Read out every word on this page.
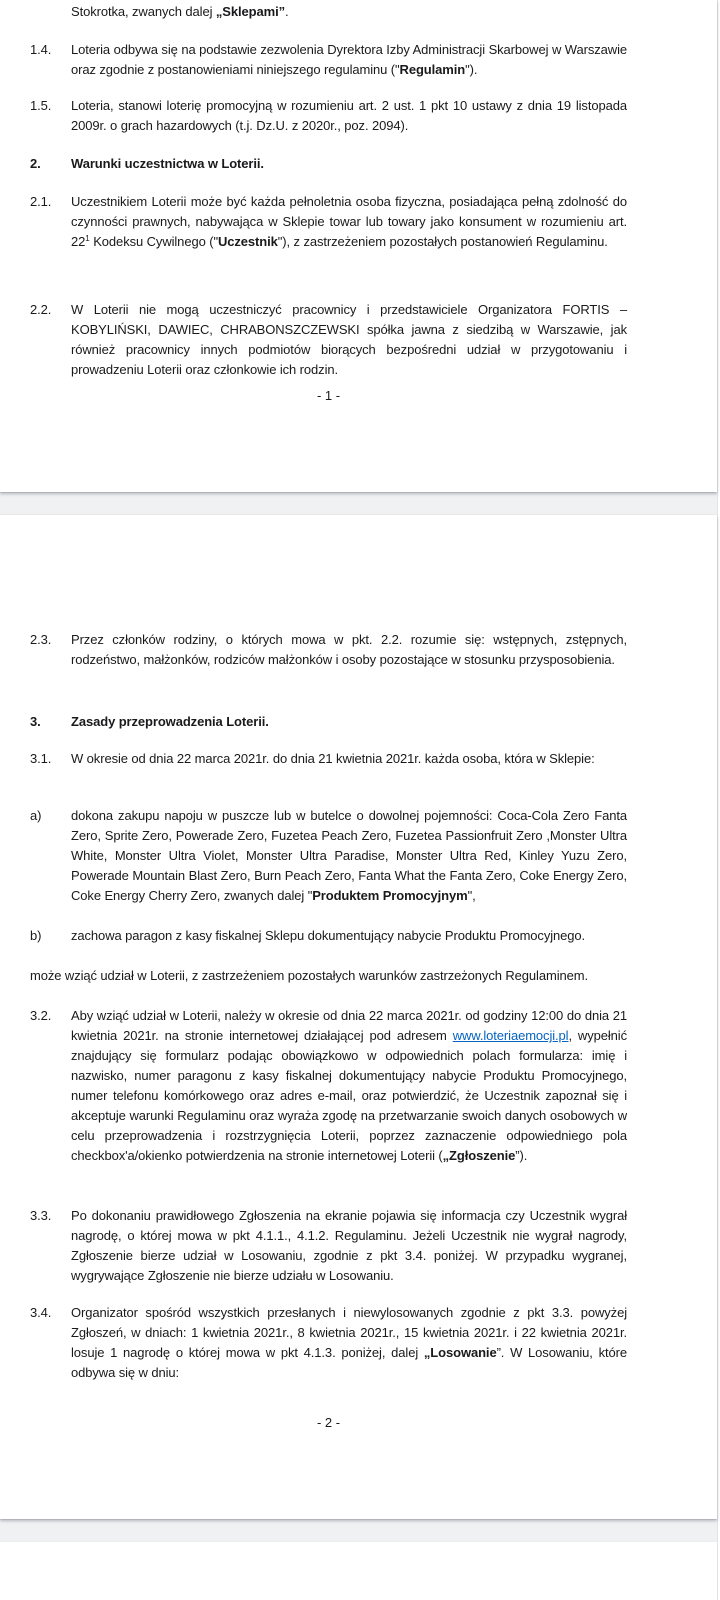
- 1 -
Stokrotka, zwanych dalej „Sklepami”.
1.4. Loteria odbywa się na podstawie zezwolenia Dyrektora Izby Administracji Skarbowej w Warszawie oraz zgodnie z postanowieniami niniejszego regulaminu ("Regulamin").
1.5. Loteria, stanowi loterię promocyjną w rozumieniu art. 2 ust. 1 pkt 10 ustawy z dnia 19 listopada 2009r. o grach hazardowych (t.j. Dz.U. z 2020r., poz. 2094).
2. Warunki uczestnictwa w Loterii.
2.1. Uczestnikiem Loterii może być każda pełnoletnia osoba fizyczna, posiadająca pełną zdolność do czynności prawnych, nabywająca w Sklepie towar lub towary jako konsument w rozumieniu art. $22^1$ Kodeksu Cywilnego ("Uczestnik"), z zastrzeżeniem pozostałych postanowień Regulaminu.
2.2. W Loterii nie mogą uczestniczyć pracownicy i przedstawiciele Organizatora FORTIS – KOBYLIŃSKI, DAWIEC, CHRABONSZCZEWSKI spółka jawna z siedzibą w Warszawie, jak również pracownicy innych podmiotów biorących bezpośredni udział w przygotowaniu i prowadzeniu Loterii oraz członkowie ich rodzin.
- 2 -
2.3. Przez członków rodziny, o których mowa w pkt. 2.2. rozumie się: wstępnych, zstępnych, rodzeństwo, małżonków, rodziców małżonków i osoby pozostające w stosunku przysposobienia.
3. Zasady przeprowadzenia Loterii.
3.1. W okresie od dnia 22 marca 2021r. do dnia 21 kwietnia 2021r. każda osoba, która w Sklepie:
a) dokona zakupu napoju w puszcze lub w butelce o dowolnej pojemności: Coca-Cola Zero Fanta Zero, Sprite Zero, Powerade Zero, Fuzetea Peach Zero, Fuzetea Passionfruit Zero ,Monster Ultra White, Monster Ultra Violet, Monster Ultra Paradise, Monster Ultra Red, Kinley Yuzu Zero, Powerade Mountain Blast Zero, Burn Peach Zero, Fanta What the Fanta Zero, Coke Energy Zero, Coke Energy Cherry Zero, zwanych dalej "Produktem Promocyjnym",
b) zachowa paragon z kasy fiskalnej Sklepu dokumentujący nabycie Produktu Promocyjnego.
może wziąć udział w Loterii, z zastrzeżeniem pozostałych warunków zastrzeżonych Regulaminem.
3.2. Aby wziąć udział w Loterii, należy w okresie od dnia 22 marca 2021r. od godziny 12:00 do dnia 21 kwietnia 2021r. na stronie internetowej działającej pod adresem www.loteriaemocji.pl, wypełnić znajdujący się formularz podając obowiązkowo w odpowiednich polach formularza: imię i nazwisko, numer paragonu z kasy fiskalnej dokumentujący nabycie Produktu Promocyjnego, numer telefonu komórkowego oraz adres e-mail, oraz potwierdzić, że Uczestnik zapoznał się i akceptuje warunki Regulaminu oraz wyraża zgodę na przetwarzanie swoich danych osobowych w celu przeprowadzenia i rozstrzygnięcia Loterii, poprzez zaznaczenie odpowiedniego pola checkbox'a/okienko potwierdzenia na stronie internetowej Loterii („Zgłoszenie”).
3.3. Po dokonaniu prawidłowego Zgłoszenia na ekranie pojawia się informacja czy Uczestnik wygrał nagrodę, o której mowa w pkt 4.1.1., 4.1.2. Regulaminu. Jeżeli Uczestnik nie wygrał nagrody, Zgłoszenie bierze udział w Losowaniu, zgodnie z pkt 3.4. poniżej. W przypadku wygranej, wygrywające Zgłoszenie nie bierze udziału w Losowaniu.
3.4. Organizator spośród wszystkich przesłanych i niewylosowanych zgodnie z pkt 3.3. powyżej Zgłoszeń, w dniach: 1 kwietnia 2021r., 8 kwietnia 2021r., 15 kwietnia 2021r. i 22 kwietnia 2021r. losuje 1 nagrodę o której mowa w pkt 4.1.3. poniżej, dalej „Losowanie”. W Losowaniu, które odbywa się w dniu:
